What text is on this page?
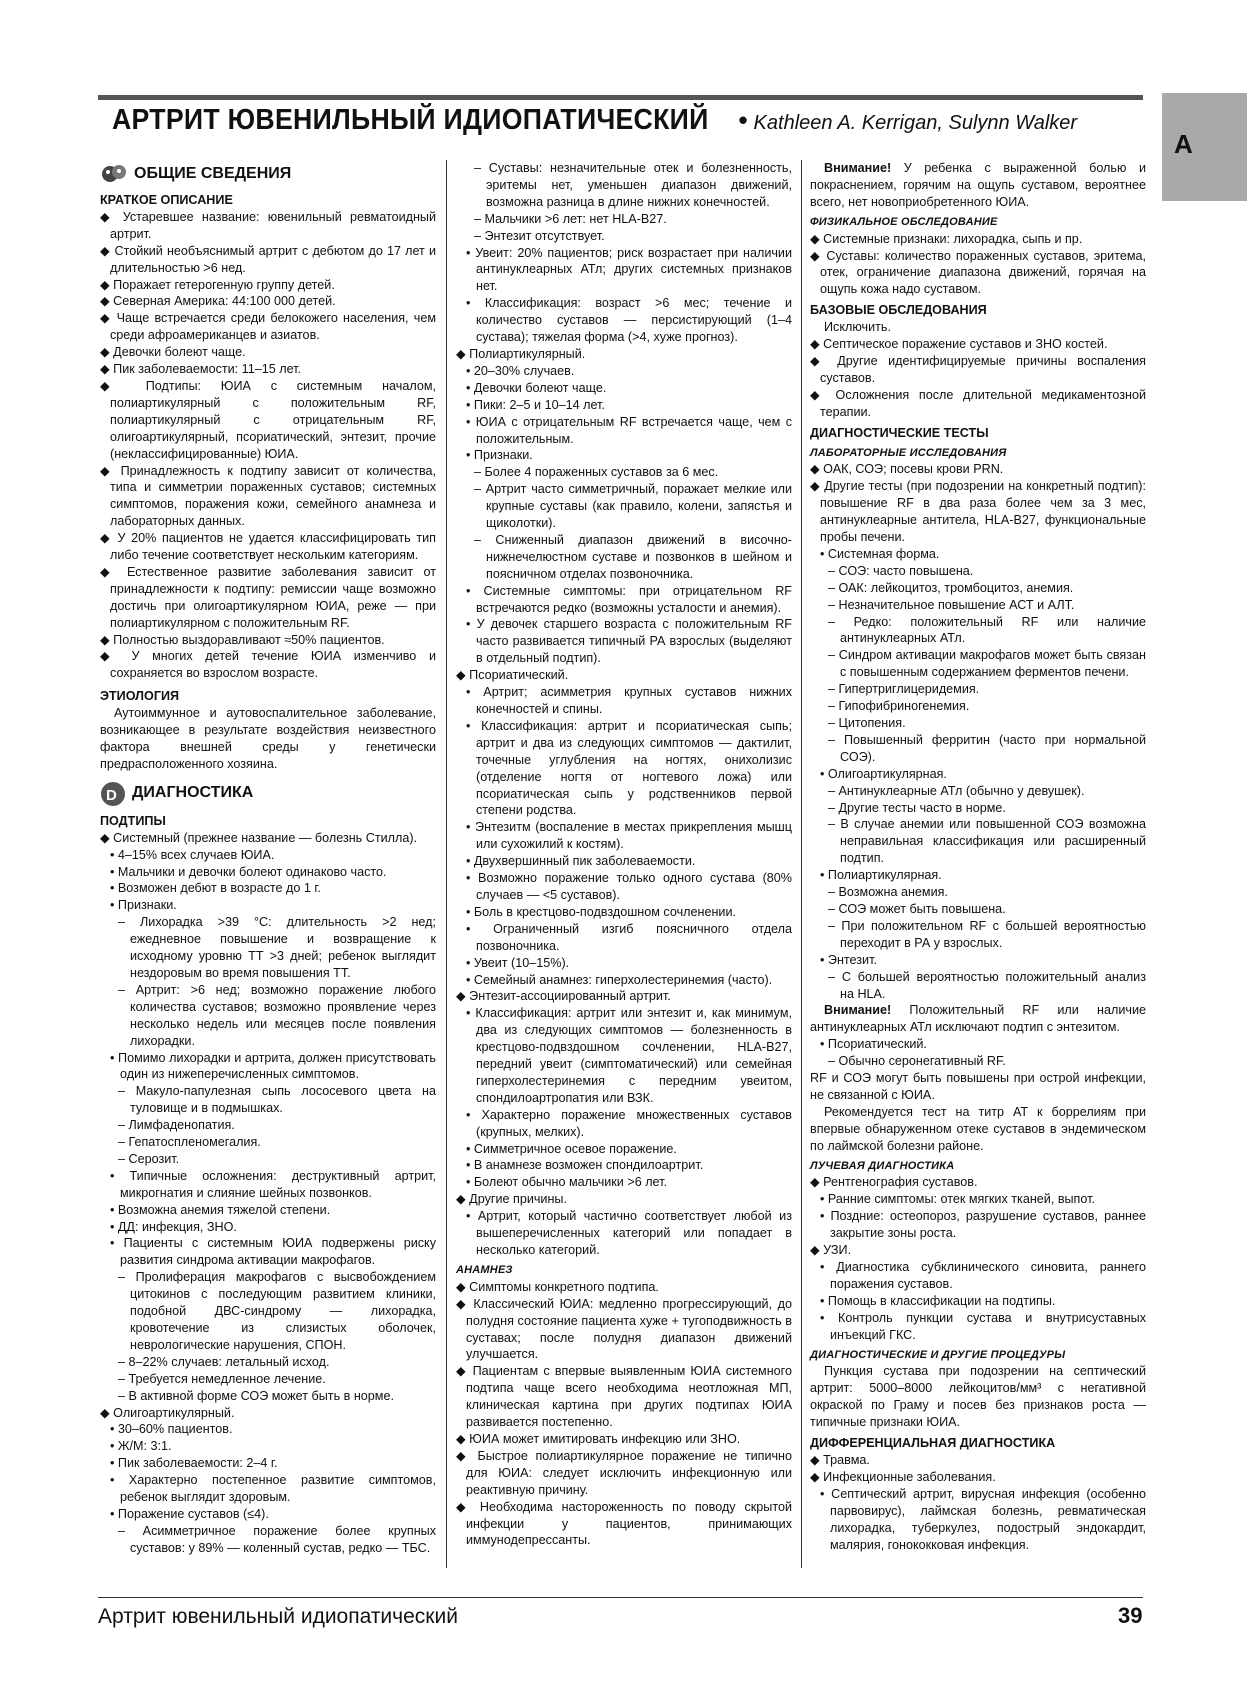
АРТРИТ ЮВЕНИЛЬНЫЙ ИДИОПАТИЧЕСКИЙ • Kathleen A. Kerrigan, Sulynn Walker
A
ОБЩИЕ СВЕДЕНИЯ
КРАТКОЕ ОПИСАНИЕ
◆ Устаревшее название: ювенильный ревматоидный артрит.
◆ Стойкий необъяснимый артрит с дебютом до 17 лет и длительностью >6 нед.
◆ Поражает гетерогенную группу детей.
◆ Северная Америка: 44:100 000 детей.
◆ Чаще встречается среди белокожего населения, чем среди афроамериканцев и азиатов.
◆ Девочки болеют чаще.
◆ Пик заболеваемости: 11–15 лет.
◆ Подтипы: ЮИА с системным началом, полиартикулярный с положительным RF, полиартикулярный с отрицательным RF, олигоартикулярный, псориатический, энтезит, прочие (неклассифицированные) ЮИА.
◆ Принадлежность к подтипу зависит от количества, типа и симметрии пораженных суставов; системных симптомов, поражения кожи, семейного анамнеза и лабораторных данных.
◆ У 20% пациентов не удается классифицировать тип либо течение соответствует нескольким категориям.
◆ Естественное развитие заболевания зависит от принадлежности к подтипу: ремиссии чаще возможно достичь при олигоартикулярном ЮИА, реже — при полиартикулярном с положительным RF.
◆ Полностью выздоравливают ≈50% пациентов.
◆ У многих детей течение ЮИА изменчиво и сохраняется во взрослом возрасте.
ЭТИОЛОГИЯ

Аутоиммунное и аутовоспалительное заболевание, возникающее в результате воздействия неизвестного фактора внешней среды у генетически предрасположенного хозяина.

D ДИАГНОСТИКА
ПОДТИПЫ
◆ Системный (прежнее название — болезнь Стилла).
• 4–15% всех случаев ЮИА.
• Мальчики и девочки болеют одинаково часто.
• Возможен дебют в возрасте до 1 г.
• Признаки.
– Лихорадка >39 °С: длительность >2 нед; ежедневное повышение и возвращение к исходному уровню ТТ >3 дней; ребенок выглядит нездоровым во время повышения ТТ.
– Артрит: >6 нед; возможно поражение любого количества суставов; возможно проявление через несколько недель или месяцев после появления лихорадки.
• Помимо лихорадки и артрита, должен присутствовать один из нижеперечисленных симптомов.
– Макуло-папулезная сыпь лососевого цвета на туловище и в подмышках.
– Лимфаденопатия.
– Гепатоспленомегалия.
– Серозит.
• Типичные осложнения: деструктивный артрит, микрогнатия и слияние шейных позвонков.
• Возможна анемия тяжелой степени.
• ДД: инфекция, ЗНО.
• Пациенты с системным ЮИА подвержены риску развития синдрома активации макрофагов.
– Пролиферация макрофагов с высвобождением цитокинов с последующим развитием клиники, подобной ДВС-синдрому — лихорадка, кровотечение из слизистых оболочек, неврологические нарушения, СПОН.
– 8–22% случаев: летальный исход.
– Требуется немедленное лечение.
– В активной форме СОЭ может быть в норме.
◆ Олигоартикулярный.
• 30–60% пациентов.
• Ж/М: 3:1.
• Пик заболеваемости: 2–4 г.
• Характерно постепенное развитие симптомов, ребенок выглядит здоровым.
• Поражение суставов (≤4).
– Асимметричное поражение более крупных суставов: у 89% — коленный сустав, редко — ТБС.
– Суставы: незначительные отек и болезненность, эритемы нет, уменьшен диапазон движений, возможна разница в длине нижних конечностей.
– Мальчики >6 лет: нет HLA-B27.
– Энтезит отсутствует.
• Увеит: 20% пациентов; риск возрастает при наличии антинуклеарных АТл; других системных признаков нет.
• Классификация: возраст >6 мес; течение и количество суставов — персистирующий (1–4 сустава); тяжелая форма (>4, хуже прогноз).
◆ Полиартикулярный.
• 20–30% случаев.
• Девочки болеют чаще.
• Пики: 2–5 и 10–14 лет.
• ЮИА с отрицательным RF встречается чаще, чем с положительным.
• Признаки.
– Более 4 пораженных суставов за 6 мес.
– Артрит часто симметричный, поражает мелкие или крупные суставы (как правило, колени, запястья и щиколотки).
– Сниженный диапазон движений в височно-нижнечелюстном суставе и позвонков в шейном и поясничном отделах позвоночника.
• Системные симптомы: при отрицательном RF встречаются редко (возможны усталости и анемия).
• У девочек старшего возраста с положительным RF часто развивается типичный РА взрослых (выделяют в отдельный подтип).
◆ Псориатический.
• Артрит; асимметрия крупных суставов нижних конечностей и спины.
• Классификация: артрит и псориатическая сыпь; артрит и два из следующих симптомов — дактилит, точечные углубления на ногтях, онихолизис (отделение ногтя от ногтевого ложа) или псориатическая сыпь у родственников первой степени родства.
• Энтезитм (воспаление в местах прикрепления мышц или сухожилий к костям).
• Двухвершинный пик заболеваемости.
• Возможно поражение только одного сустава (80% случаев — <5 суставов).
• Боль в крестцово-подвздошном сочленении.
• Ограниченный изгиб поясничного отдела позвоночника.
• Увеит (10–15%).
• Семейный анамнез: гиперхолестеринемия (часто).
◆ Энтезит-ассоциированный артрит.
• Классификация: артрит или энтезит и, как минимум, два из следующих симптомов — болезненность в крестцово-подвздошном сочленении, HLA-B27, передний увеит (симптоматический) или семейная гиперхолестеринемия с передним увеитом, спондилоартропатия или ВЗК.
• Характерно поражение множественных суставов (крупных, мелких).
• Симметричное осевое поражение.
• В анамнезе возможен спондилоартрит.
• Болеют обычно мальчики >6 лет.
◆ Другие причины.
• Артрит, который частично соответствует любой из вышеперечисленных категорий или попадает в несколько категорий.
АНАМНЕЗ
◆ Симптомы конкретного подтипа.
◆ Классический ЮИА: медленно прогрессирующий, до полудня состояние пациента хуже + тугоподвижность в суставах; после полудня диапазон движений улучшается.
◆ Пациентам с впервые выявленным ЮИА системного подтипа чаще всего необходима неотложная МП, клиническая картина при других подтипах ЮИА развивается постепенно.
◆ ЮИА может имитировать инфекцию или ЗНО.
◆ Быстрое полиартикулярное поражение не типично для ЮИА: следует исключить инфекционную или реактивную причину.
◆ Необходима настороженность по поводу скрытой инфекции у пациентов, принимающих иммунодепрессанты.

Внимание! У ребенка с выраженной болью и покраснением, горячим на ощупь суставом, вероятнее всего, нет новоприобретенного ЮИА.

ФИЗИКАЛЬНОЕ ОБСЛЕДОВАНИЕ
◆ Системные признаки: лихорадка, сыпь и пр.
◆ Суставы: количество пораженных суставов, эритема, отек, ограничение диапазона движений, горячая на ощупь кожа надо суставом.
БАЗОВЫЕ ОБСЛЕДОВАНИЯ
Исключить.
◆ Септическое поражение суставов и ЗНО костей.
◆ Другие идентифицируемые причины воспаления суставов.
◆ Осложнения после длительной медикаментозной терапии.
ДИАГНОСТИЧЕСКИЕ ТЕСТЫ
ЛАБОРАТОРНЫЕ ИССЛЕДОВАНИЯ
◆ ОАК, СОЭ; посевы крови PRN.
◆ Другие тесты (при подозрении на конкретный подтип): повышение RF в два раза более чем за 3 мес, антинуклеарные антитела, HLA-B27, функциональные пробы печени.
• Системная форма.
– СОЭ: часто повышена.
– ОАК: лейкоцитоз, тромбоцитоз, анемия.
– Незначительное повышение АСТ и АЛТ.
– Редко: положительный RF или наличие антинуклеарных АТл.
– Синдром активации макрофагов может быть связан с повышенным содержанием ферментов печени.
– Гипертриглицеридемия.
– Гипофибриногенемия.
– Цитопения.
– Повышенный ферритин (часто при нормальной СОЭ).
• Олигоартикулярная.
– Антинуклеарные АТл (обычно у девушек).
– Другие тесты часто в норме.
– В случае анемии или повышенной СОЭ возможна неправильная классификация или расширенный подтип.
• Полиартикулярная.
– Возможна анемия.
– СОЭ может быть повышена.
– При положительном RF с большей вероятностью переходит в РА у взрослых.
• Энтезит.
– С большей вероятностью положительный анализ на HLA.

Внимание! Положительный RF или наличие антинуклеарных АТл исключают подтип с энтезитом.

• Псориатический.
– Обычно серонегативный RF.
RF и СОЭ могут быть повышены при острой инфекции, не связанной с ЮИА.
Рекомендуется тест на титр АТ к боррелиям при впервые обнаруженном отеке суставов в эндемическом по лаймской болезни районе.
ЛУЧЕВАЯ ДИАГНОСТИКА
◆ Рентгенография суставов.
• Ранние симптомы: отек мягких тканей, выпот.
• Поздние: остеопороз, разрушение суставов, раннее закрытие зоны роста.
◆ УЗИ.
• Диагностика субклинического синовита, раннего поражения суставов.
• Помощь в классификации на подтипы.
• Контроль пункции сустава и внутрисуставных инъекций ГКС.
ДИАГНОСТИЧЕСКИЕ И ДРУГИЕ ПРОЦЕДУРЫ
Пункция сустава при подозрении на септический артрит: 5000–8000 лейкоцитов/мм³ с негативной окраской по Граму и посев без признаков роста — типичные признаки ЮИА.
ДИФФЕРЕНЦИАЛЬНАЯ ДИАГНОСТИКА
◆ Травма.
◆ Инфекционные заболевания.
• Септический артрит, вирусная инфекция (особенно парвовирус), лаймская болезнь, ревматическая лихорадка, туберкулез, подострый эндокардит, малярия, гонококковая инфекция.
Артрит ювенильный идиопатический	39
